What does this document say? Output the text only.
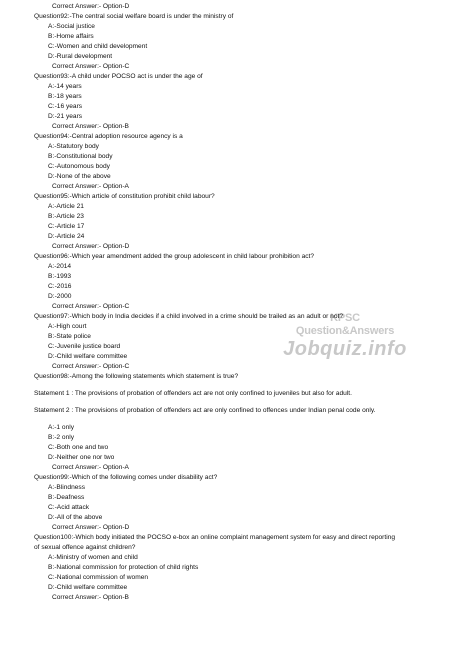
KPSC Question&Answers
Jobquiz.info
Correct Answer:- Option-D
Question92:-The central social welfare board is under the ministry of
A:-Social justice
B:-Home affairs
C:-Women and child development
D:-Rural development
Correct Answer:- Option-C
Question93:-A child under POCSO act is under the age of
A:-14 years
B:-18 years
C:-16 years
D:-21 years
Correct Answer:- Option-B
Question94:-Central adoption resource agency is a
A:-Statutory body
B:-Constitutional body
C:-Autonomous body
D:-None of the above
Correct Answer:- Option-A
Question95:-Which article of constitution prohibit child labour?
A:-Article 21
B:-Article 23
C:-Article 17
D:-Article 24
Correct Answer:- Option-D
Question96:-Which year amendment added the group adolescent in child labour prohibition act?
A:-2014
B:-1993
C:-2016
D:-2000
Correct Answer:- Option-C
Question97:-Which body in India decides if a child involved in a crime should be trailed as an adult or not?
A:-High court
B:-State police
C:-Juvenile justice board
D:-Child welfare committee
Correct Answer:- Option-C
Question98:-Among the following statements which statement is true?
Statement 1 : The provisions of probation of offenders act are not only confined to juveniles but also for adult.
Statement 2 : The provisions of probation of offenders act are only confined to offences under Indian penal code only.
A:-1 only
B:-2 only
C:-Both one and two
D:-Neither one nor two
Correct Answer:- Option-A
Question99:-Which of the following comes under disability act?
A:-Blindness
B:-Deafness
C:-Acid attack
D:-All of the above
Correct Answer:- Option-D
Question100:-Which body initiated the POCSO e-box an online complaint management system for easy and direct reporting
of sexual offence against children?
A:-Ministry of women and child
B:-National commission for protection of child rights
C:-National commission of women
D:-Child welfare committee
Correct Answer:- Option-B
